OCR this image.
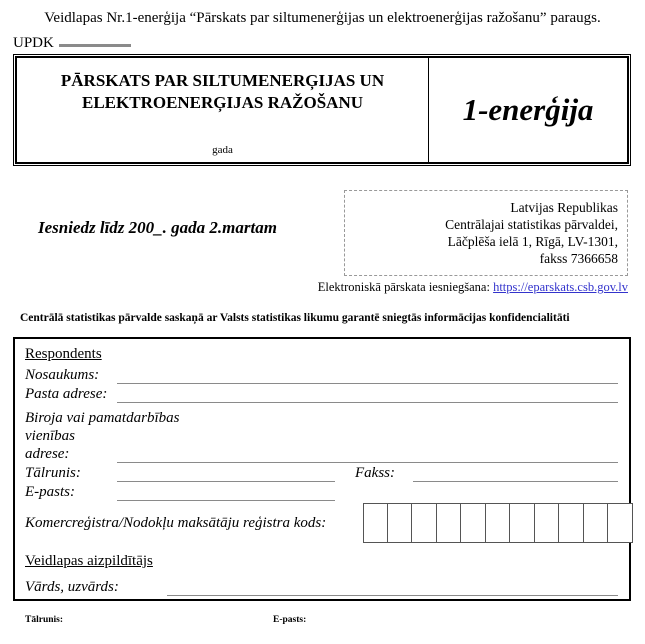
Veidlapas Nr.1-enerģija “Pārskats par siltumenerģijas un elektroenerģijas ražošanu” paraugs.
UPDK
PĀRSKATS PAR SILTUMENERĢIJAS UN ELEKTROENERĢIJAS RAŽOŠANU
gada
1-enerģija
Iesniedz līdz 200_. gada 2.martam
Latvijas Republikas
Centrālajai statistikas pārvaldei,
Lāčplēša ielā 1, Rīgā, LV-1301,
fakss 7366658
Elektroniskā pārskata iesniegšana: https://eparskats.csb.gov.lv
Centrālā statistikas pārvalde saskaņā ar Valsts statistikas likumu garantē sniegtās informācijas konfidencialitāti
Respondents
Nosaukums:
Pasta adrese:
Biroja vai pamatdarbības
vienības adrese:
Tālrunis:	Fakss:
E-pasts:
Komercreģistra/Nodokļu maksātāju reģistra kods:
Veidlapas aizpildītājs
Vārds, uzvārds:
Tālrunis:	E-pasts:
